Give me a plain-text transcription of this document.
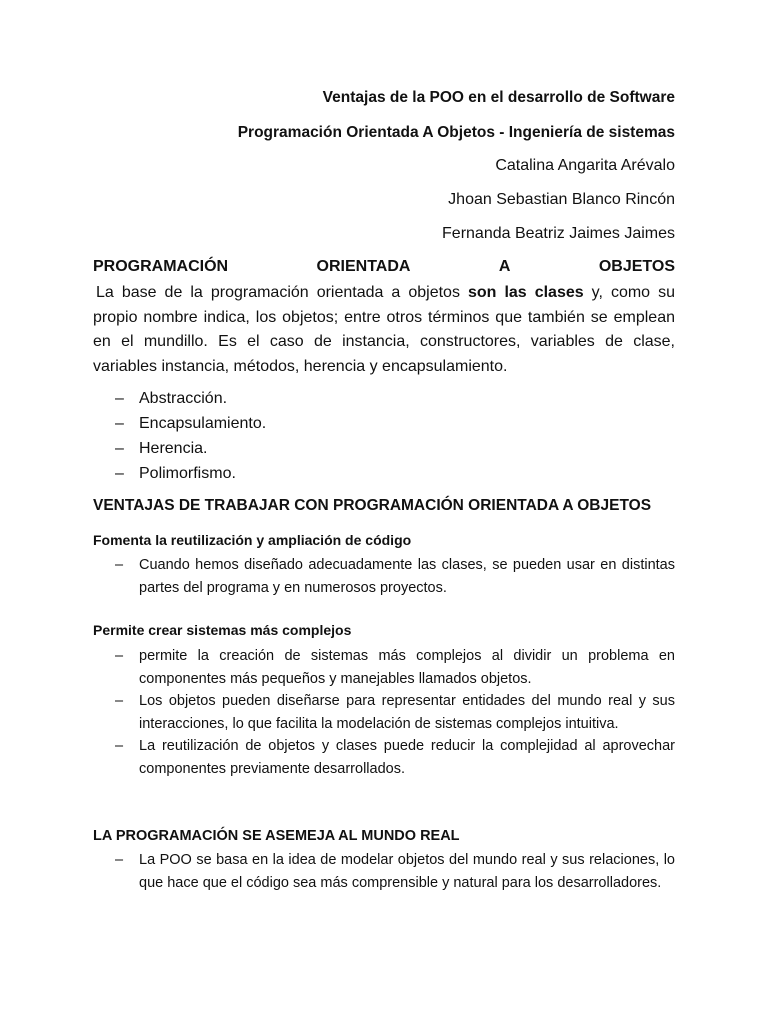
Ventajas de la POO en el desarrollo de Software
Programación Orientada A Objetos - Ingeniería de sistemas
Catalina Angarita Arévalo
Jhoan Sebastian Blanco Rincón
Fernanda Beatriz Jaimes Jaimes
PROGRAMACIÓN	ORIENTADA	A	OBJETOS

La base de la programación orientada a objetos son las clases y, como su propio nombre indica, los objetos; entre otros términos que también se emplean en el mundillo. Es el caso de instancia, constructores, variables de clase, variables instancia, métodos, herencia y encapsulamiento.

– Abstracción.
– Encapsulamiento.
– Herencia.
– Polimorfismo.
VENTAJAS DE TRABAJAR CON PROGRAMACIÓN ORIENTADA A OBJETOS
Fomenta la reutilización y ampliación de código
– Cuando hemos diseñado adecuadamente las clases, se pueden usar en distintas partes del programa y en numerosos proyectos.
Permite crear sistemas más complejos
– permite la creación de sistemas más complejos al dividir un problema en componentes más pequeños y manejables llamados objetos.
– Los objetos pueden diseñarse para representar entidades del mundo real y sus interacciones, lo que facilita la modelación de sistemas complejos intuitiva.
– La reutilización de objetos y clases puede reducir la complejidad al aprovechar componentes previamente desarrollados.
LA PROGRAMACIÓN SE ASEMEJA AL MUNDO REAL
– La POO se basa en la idea de modelar objetos del mundo real y sus relaciones, lo que hace que el código sea más comprensible y natural para los desarrolladores.
